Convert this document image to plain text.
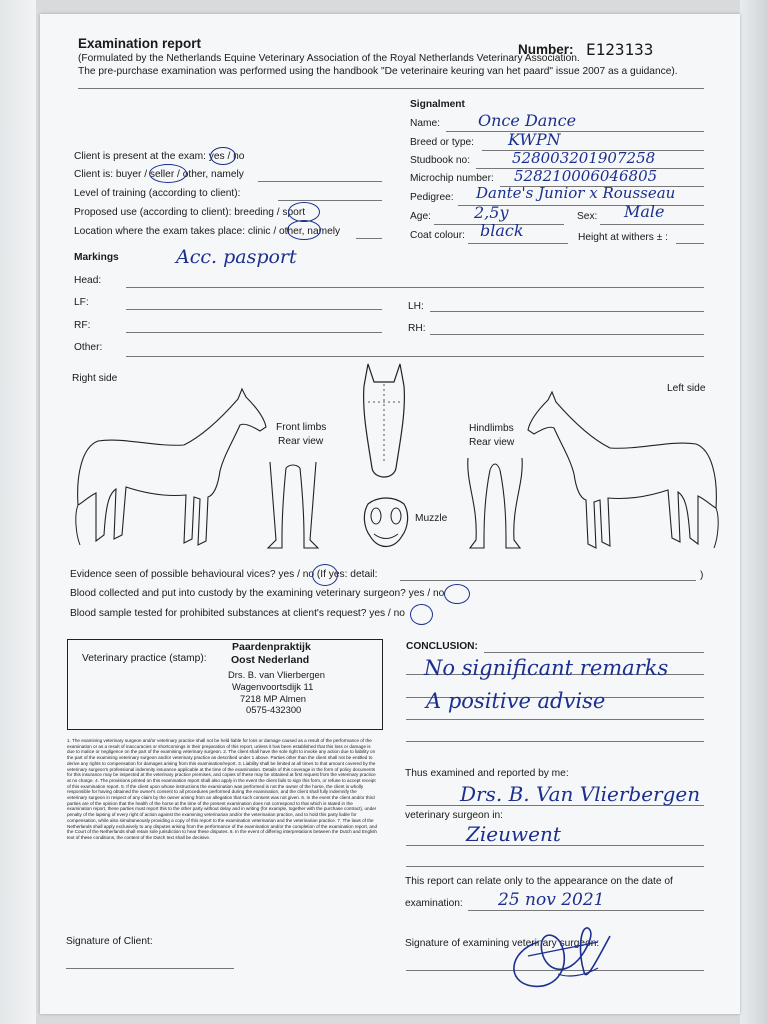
Examination report	Number: E123133
(Formulated by the Netherlands Equine Veterinary Association of the Royal Netherlands Veterinary Association.
The pre-purchase examination was performed using the handbook "De veterinaire keuring van het paard" issue 2007 as a guidance).
Signalment
Name: Once Dance
Breed or type: KWPN
Studbook no:	528003201907258
Microchip number: 528210006046805
Pedigree: Dante's Junior x Rousseau
Age:	2,5y	Sex: Male
Coat colour: black	Height at withers ± :
Client is present at the exam: yes / no
Client is: buyer / seller / other, namely
Level of training (according to client):
Proposed use (according to client): breeding / sport
Location where the exam takes place: clinic / other, namely
Markings	Acc. pasport
Head:
LF:	LH:
RF:	RH:
Other:
Right side
Left side
Front limbs
Rear view
Hindlimbs
Rear view
Muzzle
Evidence seen of possible behavioural vices? yes / no (If yes: detail:	)
Blood collected and put into custody by the examining veterinary surgeon? yes / no
Blood sample tested for prohibited substances at client's request? yes / no
Veterinary practice (stamp):
Paardenpraktijk
Oost Nederland
Drs. B. van Vlierbergen
Wagenvoortsdijk 11
7218 MP Almen
0575-432300
1. The examining veterinary surgeon and/or veterinary practice shall not be held liable for loss or damage caused as a result of the performance of the examination or as a result of inaccuracies or shortcomings in their preparation of this report, unless it has been established that this loss or damage is due to malice or negligence on the part of the examining veterinary surgeon. 2. The client shall have the sole right to invoke any action due to liability on the part of the examining veterinary surgeon and/or veterinary practice as described under 1 above. Parties other than the client shall not be entitled to derive any rights to compensation for damages arising from this examination/report. 3. Liability shall be limited at all times to that amount covered by the veterinary surgeon's professional indemnity insurance applicable at the time of the examination. Details of this coverage in the form of policy documents for this insurance may be inspected at the veterinary practice premises, and copies of these may be obtained at first request from the veterinary practice at no charge. 4. The provisions printed on this examination report shall also apply in the event the client fails to sign this form, or refuse to accept receipt of this examination report. 5. If the client upon whose instructions the examination was performed is not the owner of the horse, the client is wholly responsible for having obtained the owner's consent to all procedures performed during the examination, and the client shall fully indemnify the veterinary surgeon in respect of any claim by the owner arising from an allegation that such consent was not given. 6. In the event the client and/or third parties are of the opinion that the health of the horse at the time of the present examination does not correspond to that which is stated in the examination report, these parties must report this to the other party without delay and in writing (for example, together with the purchase contract), under penalty of the lapsing of every right of action against the examining veterinarian and/or the veterinarian practice, and to hold this party liable for compensation, while also simultaneously providing a copy of this report to the examination veterinarian and the veterinarian practice. 7. The laws of the Netherlands shall apply exclusively to any disputes arising from the performance of the examination and/or the completion of the examination report, and the Court of the Netherlands shall retain sole jurisdiction to hear these disputes. 8. In the event of differing interpretations between the Dutch and English text of these conditions, the content of the Dutch text shall be decisive.
CONCLUSION:
No significant remarks
A positive advise
Thus examined and reported by me:
Drs. B. Van Vlierbergen
veterinary surgeon in:
Zieuwent
This report can relate only to the appearance on the date of
examination: 25 nov 2021
Signature of Client:	Signature of examining veterinary surgeon:
